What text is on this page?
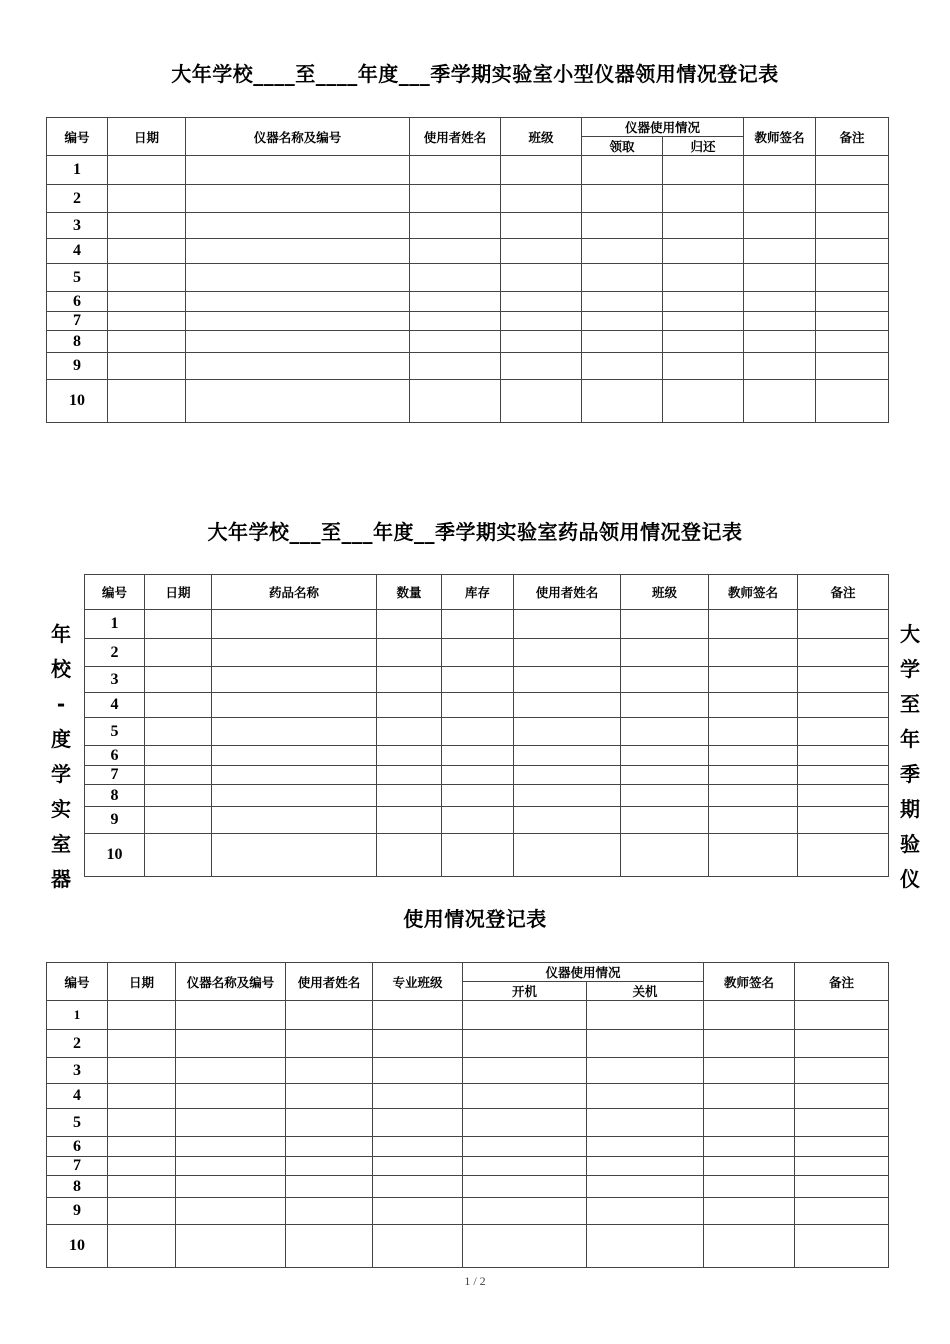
大年学校____至____年度___季学期实验室小型仪器领用情况登记表
编号	日期	仪器名称及编号	使用者姓名	班级	仪器使用情况		教师签名	备注
					领取	归还		
1								
2								
3								
4								
5								
6								
7								
8								
9								
10								
大年学校___至___年度__季学期实验室药品领用情况登记表
年
校
-
度
学
实
室
器
大
学
至
年
季
期
验
仪
编号	日期	药品名称	数量	库存	使用者姓名	班级	教师签名	备注
1								
2								
3								
4								
5								
6								
7								
8								
9								
10								
使用情况登记表
编号	日期	仪器名称及编号	使用者姓名	专业班级	仪器使用情况		教师签名	备注
					开机	关机		
1								
2								
3								
4								
5								
6								
7								
8								
9								
10								
1 / 2
